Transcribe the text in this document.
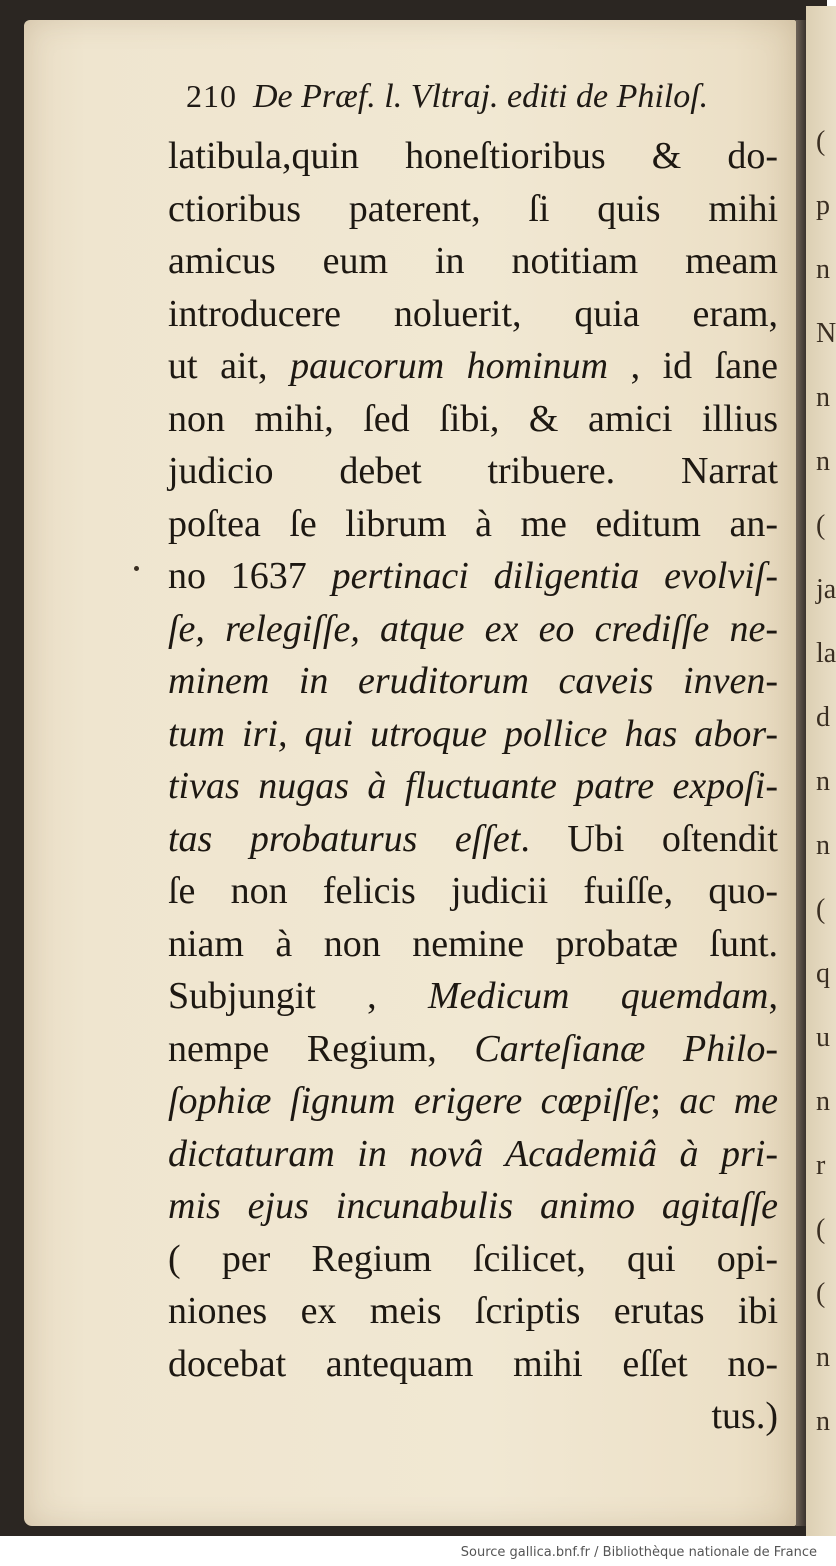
(
p
n
N
n
n
(
ja
la
d
n
n
(
q
u
n
r
(
(
n
n
210 De Præf. l. Vltraj. editi de Philoſ.
latibula,quin honeſtioribus & do-
ctioribus paterent, ſi quis mihi
amicus eum in notitiam meam
introducere noluerit, quia eram,
ut ait, paucorum hominum , id ſane
non mihi, ſed ſibi, & amici illius
judicio debet tribuere. Narrat
poſtea ſe librum à me editum an-
no 1637 pertinaci diligentia evolviſ-
ſe, relegiſſe, atque ex eo crediſſe ne-
minem in eruditorum caveis inven-
tum iri, qui utroque pollice has abor-
tivas nugas à fluctuante patre expoſi-
tas probaturus eſſet. Ubi oſtendit
ſe non felicis judicii fuiſſe, quo-
niam à non nemine probatæ ſunt.
Subjungit , Medicum quemdam,
nempe Regium, Carteſianæ Philo-
ſophiæ ſignum erigere cœpiſſe; ac me
dictaturam in novâ Academiâ à pri-
mis ejus incunabulis animo agitaſſe
( per Regium ſcilicet, qui opi-
niones ex meis ſcriptis erutas ibi
docebat antequam mihi eſſet no-
tus.)
Source gallica.bnf.fr / Bibliothèque nationale de France
